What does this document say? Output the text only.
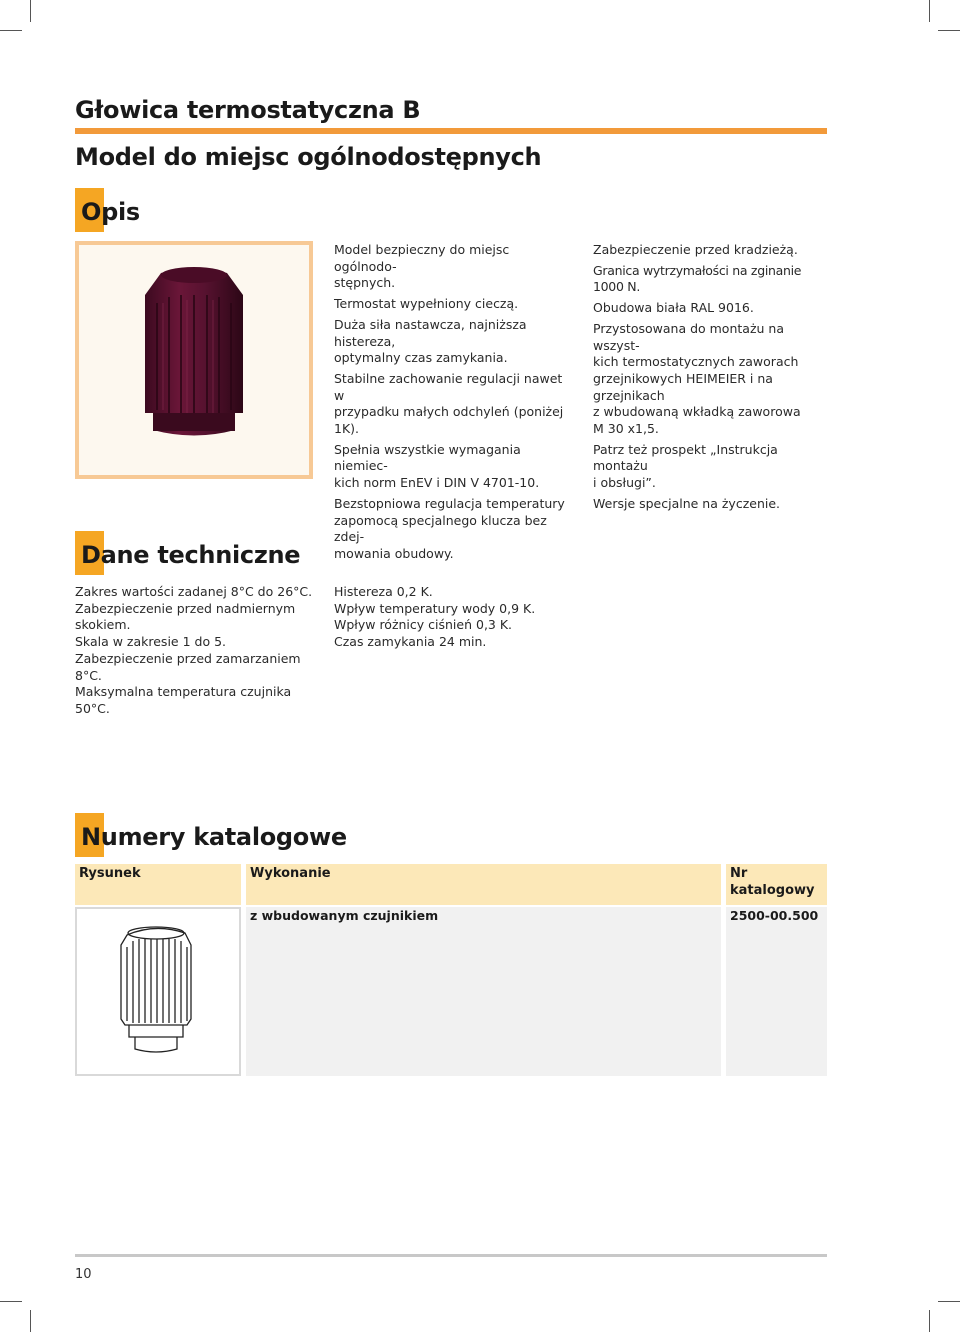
Głowica termostatyczna B
Model do miejsc ogólnodostępnych
Opis

Model bezpieczny do miejsc ogólnodo-

stępnych.

Termostat wypełniony cieczą.

Duża siła nastawcza, najniższa histereza,

optymalny czas zamykania.

Stabilne zachowanie regulacji nawet w

przypadku małych odchyleń (poniżej 1K).

Spełnia wszystkie wymagania niemiec-

kich norm EnEV i DIN V 4701-10.

Bezstopniowa regulacja temperatury

zapomocą specjalnego klucza bez zdej-

mowania obudowy.

Zabezpieczenie przed kradzieżą.

Granica wytrzymałości na zginanie 1000 N.

Obudowa biała RAL 9016.

Przystosowana do montażu na wszyst-

kich termostatycznych zaworach

grzejnikowych HEIMEIER i na grzejnikach

z wbudowaną wkładką zaworowa

M 30 x1,5.

Patrz też prospekt „Instrukcja montażu

i obsługi”.

Wersje specjalne na życzenie.

Dane techniczne

Zakres wartości zadanej 8°C do 26°C.

Zabezpieczenie przed nadmiernym

skokiem.

Skala w zakresie 1 do 5.

Zabezpieczenie przed zamarzaniem 8°C.

Maksymalna temperatura czujnika 50°C.

Histereza 0,2 K.

Wpływ temperatury wody 0,9 K.

Wpływ różnicy ciśnień 0,3 K.

Czas zamykania 24 min.

Numery katalogowe
Rysunek	Wykonanie	Nr
katalogowy
z wbudowanym czujnikiem	2500-00.500
10
